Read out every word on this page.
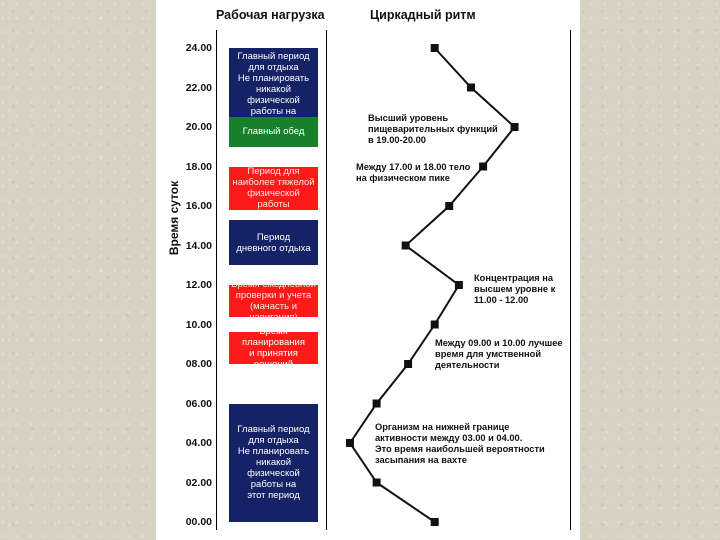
Рабочая нагрузка	Циркадный ритм
Время суток
24.00
22.00
20.00
18.00
16.00
14.00
12.00
10.00
08.00
06.00
04.00
02.00
00.00
Главный период
для отдыха
Не планировать
никакой
физической
работы на

Главный обед
Период для
наиболее тяжелой
физической работы
Период
дневного отдыха
Время ежедневной
проверки и учета
(мачасть и навигация)
Время планирования
и принятия решений
Главный период
для отдыха
Не планировать
никакой
физической
работы на
этот период
Высший уровень
пищеварительных функций
в 19.00-20.00
Между 17.00 и 18.00 тело
на физическом пике
Концентрация на
высшем уровне к
11.00 - 12.00
Между 09.00 и 10.00 лучшее
время для умственной
деятельности
Организм на нижней границе
активности между 03.00 и 04.00.
Это время наибольшей вероятности
засыпания на вахте
